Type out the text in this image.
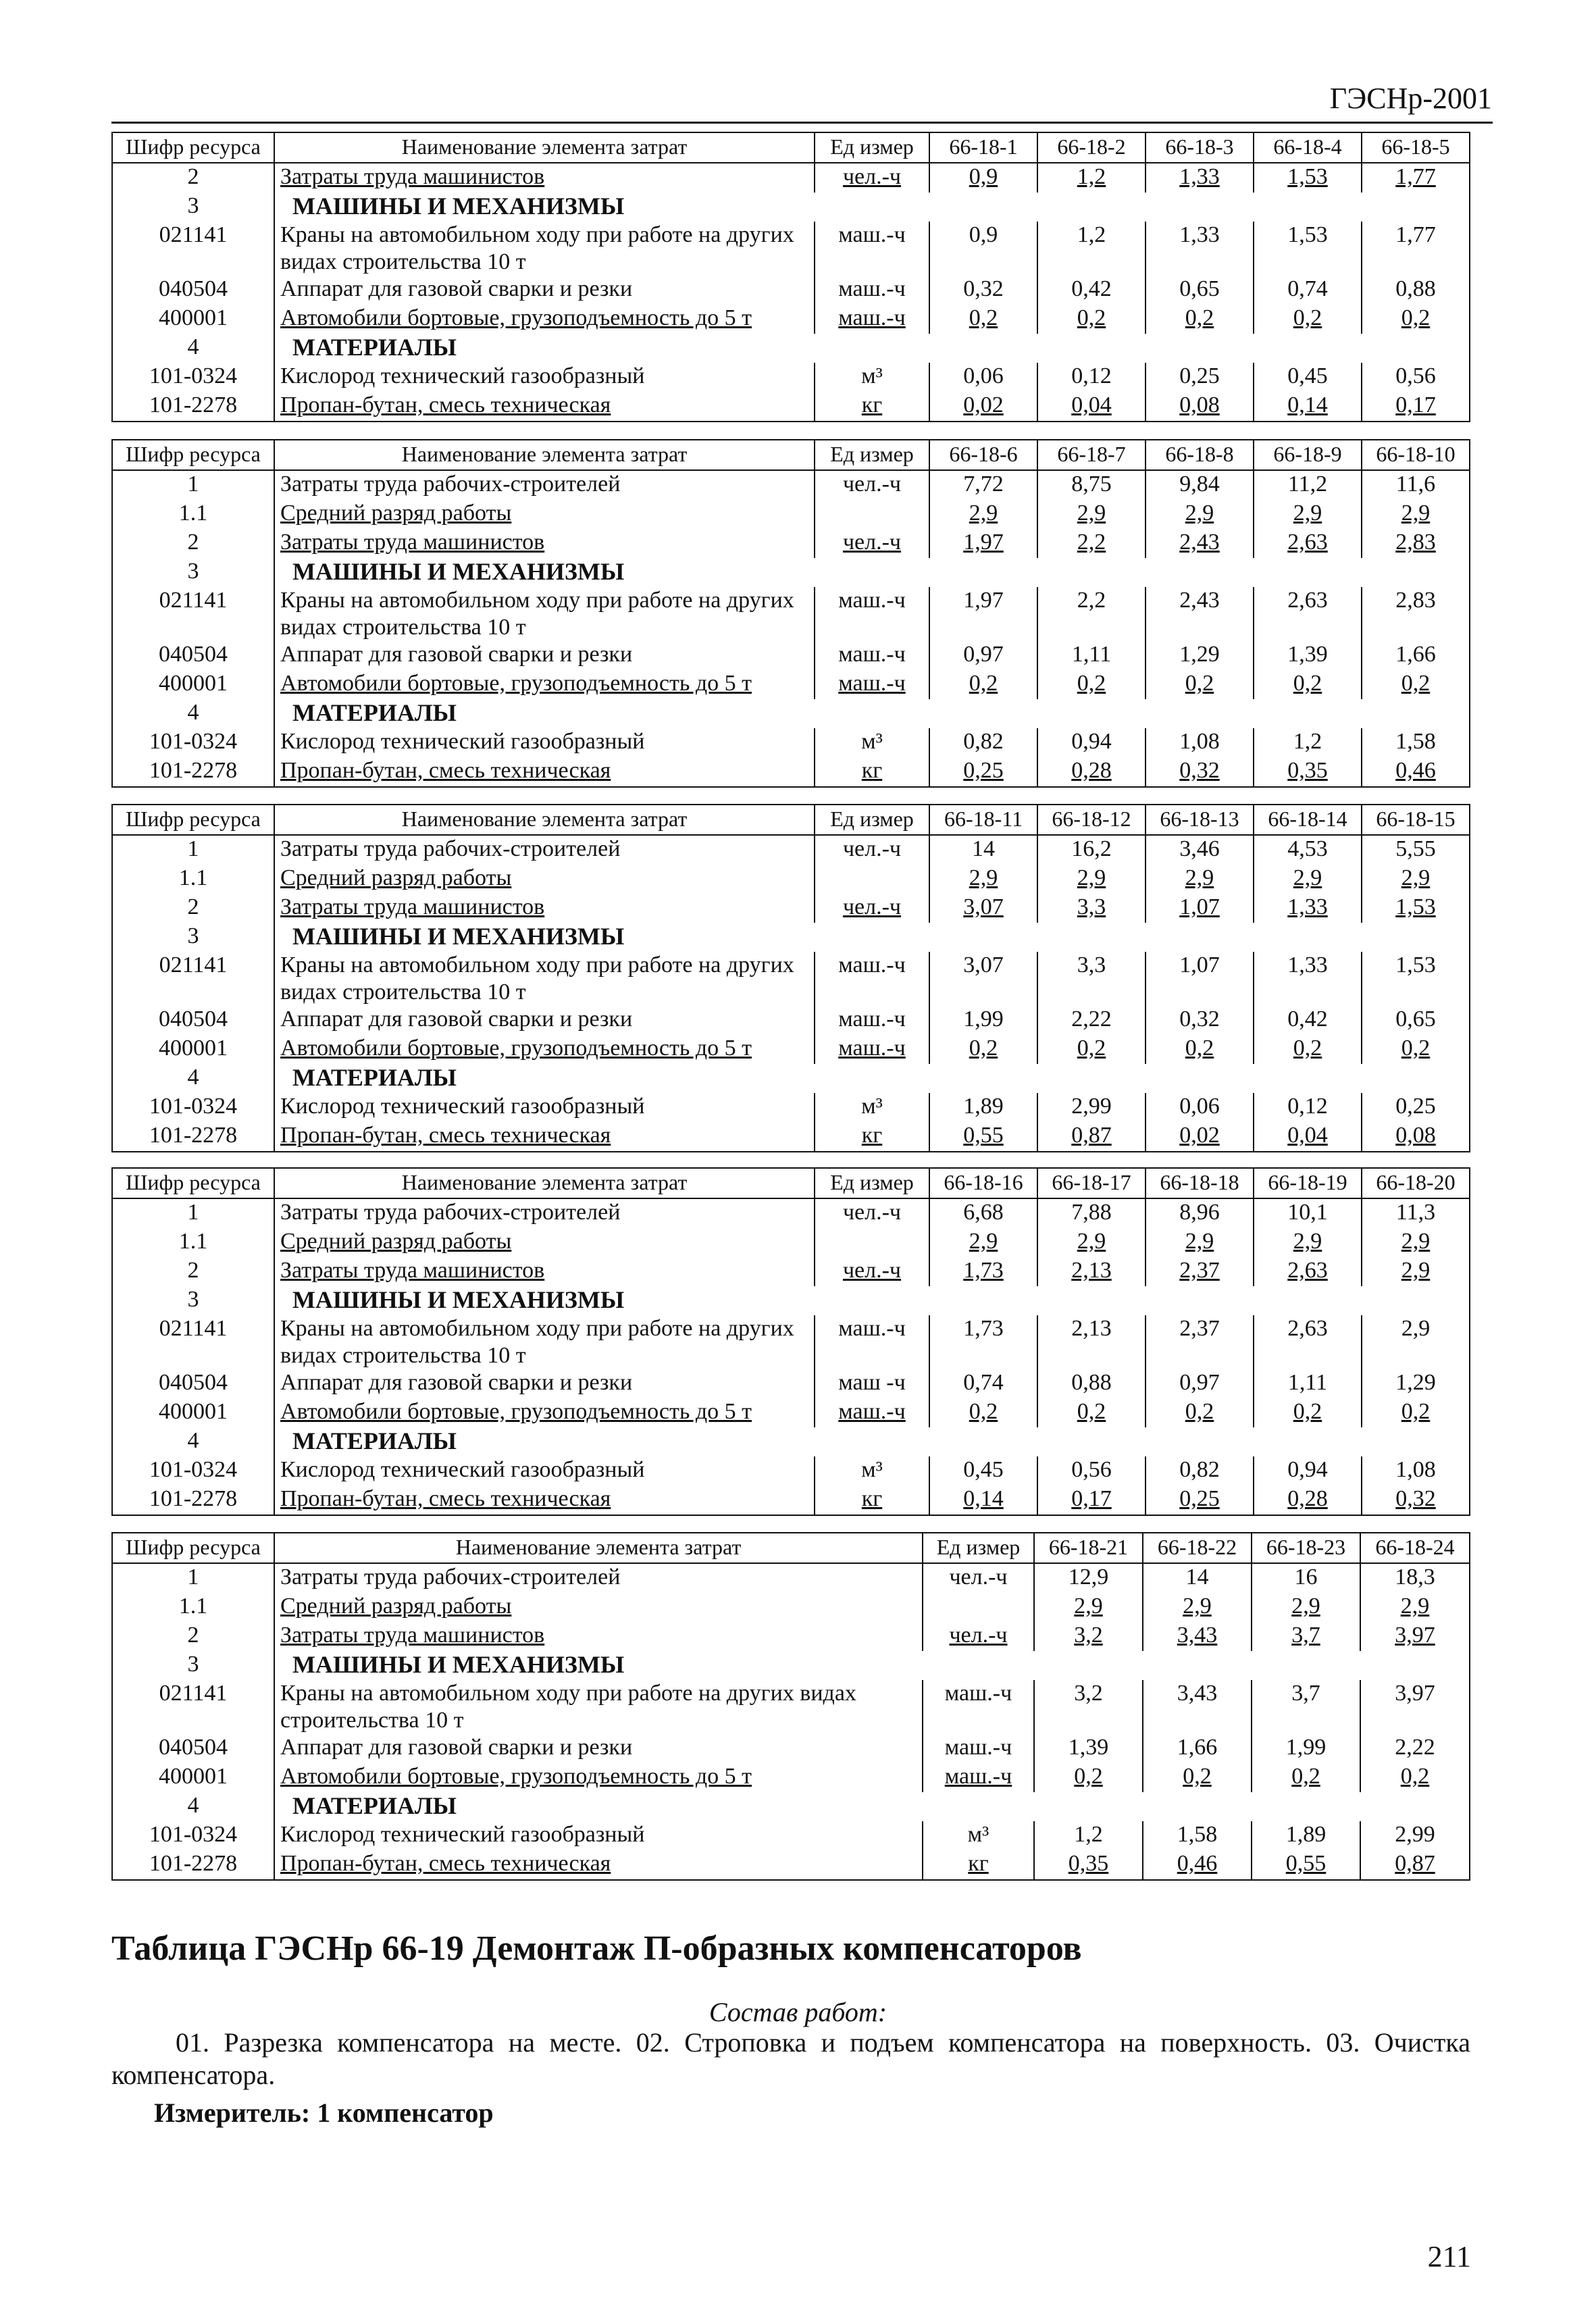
ГЭСНр-2001
Шифр ресурса	Наименование элемента затрат	Ед измер	66-18-1	66-18-2	66-18-3	66-18-4	66-18-5
2	Затраты труда машинистов	чел.-ч	0,9	1,2	1,33	1,53	1,77
3	МАШИНЫ И МЕХАНИЗМЫ						
021141	Краны на автомобильном ходу при работе на других видах строительства 10 т	маш.-ч	0,9	1,2	1,33	1,53	1,77
040504	Аппарат для газовой сварки и резки	маш.-ч	0,32	0,42	0,65	0,74	0,88
400001	Автомобили бортовые, грузоподъемность до 5 т	маш.-ч	0,2	0,2	0,2	0,2	0,2
4	МАТЕРИАЛЫ						
101-0324	Кислород технический газообразный	м³	0,06	0,12	0,25	0,45	0,56
101-2278	Пропан-бутан, смесь техническая	кг	0,02	0,04	0,08	0,14	0,17
Шифр ресурса	Наименование элемента затрат	Ед измер	66-18-6	66-18-7	66-18-8	66-18-9	66-18-10
1	Затраты труда рабочих-строителей	чел.-ч	7,72	8,75	9,84	11,2	11,6
1.1	Средний разряд работы		2,9	2,9	2,9	2,9	2,9
2	Затраты труда машинистов	чел.-ч	1,97	2,2	2,43	2,63	2,83
3	МАШИНЫ И МЕХАНИЗМЫ						
021141	Краны на автомобильном ходу при работе на других видах строительства 10 т	маш.-ч	1,97	2,2	2,43	2,63	2,83
040504	Аппарат для газовой сварки и резки	маш.-ч	0,97	1,11	1,29	1,39	1,66
400001	Автомобили бортовые, грузоподъемность до 5 т	маш.-ч	0,2	0,2	0,2	0,2	0,2
4	МАТЕРИАЛЫ						
101-0324	Кислород технический газообразный	м³	0,82	0,94	1,08	1,2	1,58
101-2278	Пропан-бутан, смесь техническая	кг	0,25	0,28	0,32	0,35	0,46
Шифр ресурса	Наименование элемента затрат	Ед измер	66-18-11	66-18-12	66-18-13	66-18-14	66-18-15
1	Затраты труда рабочих-строителей	чел.-ч	14	16,2	3,46	4,53	5,55
1.1	Средний разряд работы		2,9	2,9	2,9	2,9	2,9
2	Затраты труда машинистов	чел.-ч	3,07	3,3	1,07	1,33	1,53
3	МАШИНЫ И МЕХАНИЗМЫ						
021141	Краны на автомобильном ходу при работе на других видах строительства 10 т	маш.-ч	3,07	3,3	1,07	1,33	1,53
040504	Аппарат для газовой сварки и резки	маш.-ч	1,99	2,22	0,32	0,42	0,65
400001	Автомобили бортовые, грузоподъемность до 5 т	маш.-ч	0,2	0,2	0,2	0,2	0,2
4	МАТЕРИАЛЫ						
101-0324	Кислород технический газообразный	м³	1,89	2,99	0,06	0,12	0,25
101-2278	Пропан-бутан, смесь техническая	кг	0,55	0,87	0,02	0,04	0,08
Шифр ресурса	Наименование элемента затрат	Ед измер	66-18-16	66-18-17	66-18-18	66-18-19	66-18-20
1	Затраты труда рабочих-строителей	чел.-ч	6,68	7,88	8,96	10,1	11,3
1.1	Средний разряд работы		2,9	2,9	2,9	2,9	2,9
2	Затраты труда машинистов	чел.-ч	1,73	2,13	2,37	2,63	2,9
3	МАШИНЫ И МЕХАНИЗМЫ						
021141	Краны на автомобильном ходу при работе на других видах строительства 10 т	маш.-ч	1,73	2,13	2,37	2,63	2,9
040504	Аппарат для газовой сварки и резки	маш -ч	0,74	0,88	0,97	1,11	1,29
400001	Автомобили бортовые, грузоподъемность до 5 т	маш.-ч	0,2	0,2	0,2	0,2	0,2
4	МАТЕРИАЛЫ						
101-0324	Кислород технический газообразный	м³	0,45	0,56	0,82	0,94	1,08
101-2278	Пропан-бутан, смесь техническая	кг	0,14	0,17	0,25	0,28	0,32
Шифр ресурса	Наименование элемента затрат	Ед измер	66-18-21	66-18-22	66-18-23	66-18-24
1	Затраты труда рабочих-строителей	чел.-ч	12,9	14	16	18,3
1.1	Средний разряд работы		2,9	2,9	2,9	2,9
2	Затраты труда машинистов	чел.-ч	3,2	3,43	3,7	3,97
3	МАШИНЫ И МЕХАНИЗМЫ					
021141	Краны на автомобильном ходу при работе на других видах строительства 10 т	маш.-ч	3,2	3,43	3,7	3,97
040504	Аппарат для газовой сварки и резки	маш.-ч	1,39	1,66	1,99	2,22
400001	Автомобили бортовые, грузоподъемность до 5 т	маш.-ч	0,2	0,2	0,2	0,2
4	МАТЕРИАЛЫ					
101-0324	Кислород технический газообразный	м³	1,2	1,58	1,89	2,99
101-2278	Пропан-бутан, смесь техническая	кг	0,35	0,46	0,55	0,87
Таблица ГЭСНр 66-19 Демонтаж П-образных компенсаторов
Состав работ:
01. Разрезка компенсатора на месте. 02. Строповка и подъем компенсатора на поверхность. 03. Очистка компенсатора.
Измеритель: 1 компенсатор
211
